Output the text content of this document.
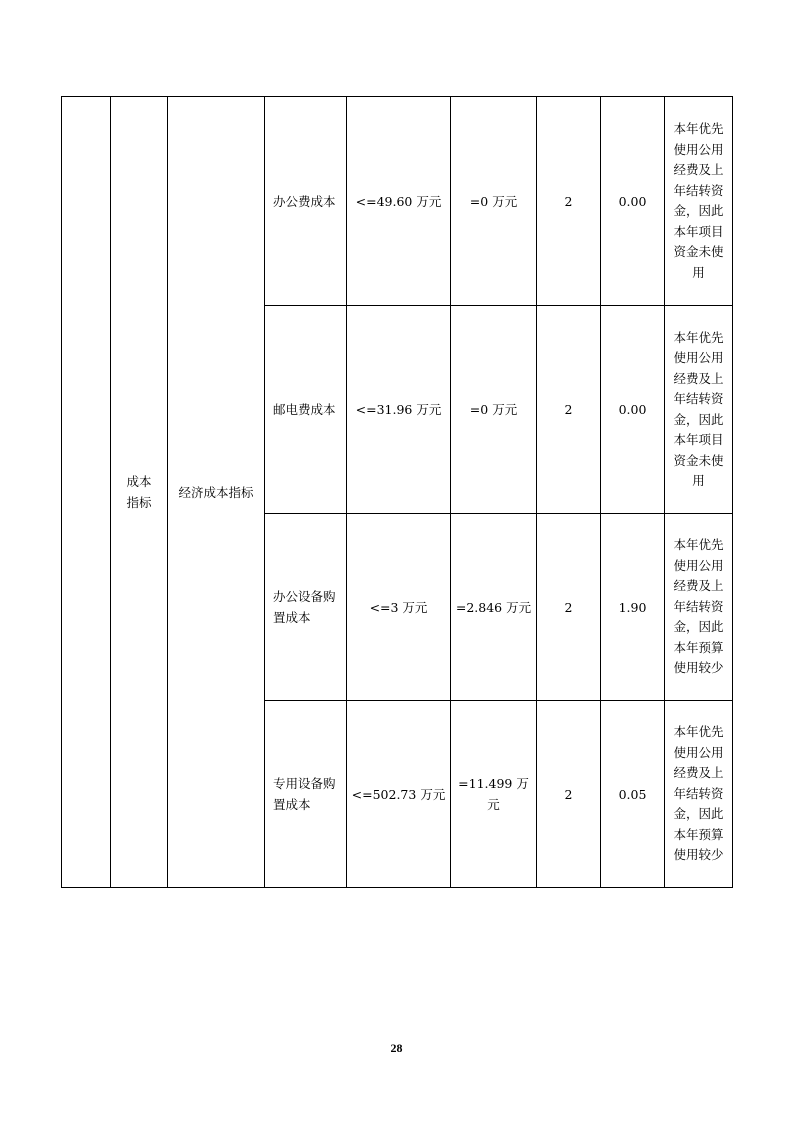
	成本指标	经济成本指标	办公费成本	<=49.60 万元	=0 万元	2	0.00	本年优先使用公用经费及上年结转资金，因此本年项目资金未使用
			邮电费成本	<=31.96 万元	=0 万元	2	0.00	本年优先使用公用经费及上年结转资金，因此本年项目资金未使用
			办公设备购置成本	<=3 万元	=2.846 万元	2	1.90	本年优先使用公用经费及上年结转资金，因此本年预算使用较少
			专用设备购置成本	<=502.73 万元	=11.499 万元	2	0.05	本年优先使用公用经费及上年结转资金，因此本年预算使用较少
28
